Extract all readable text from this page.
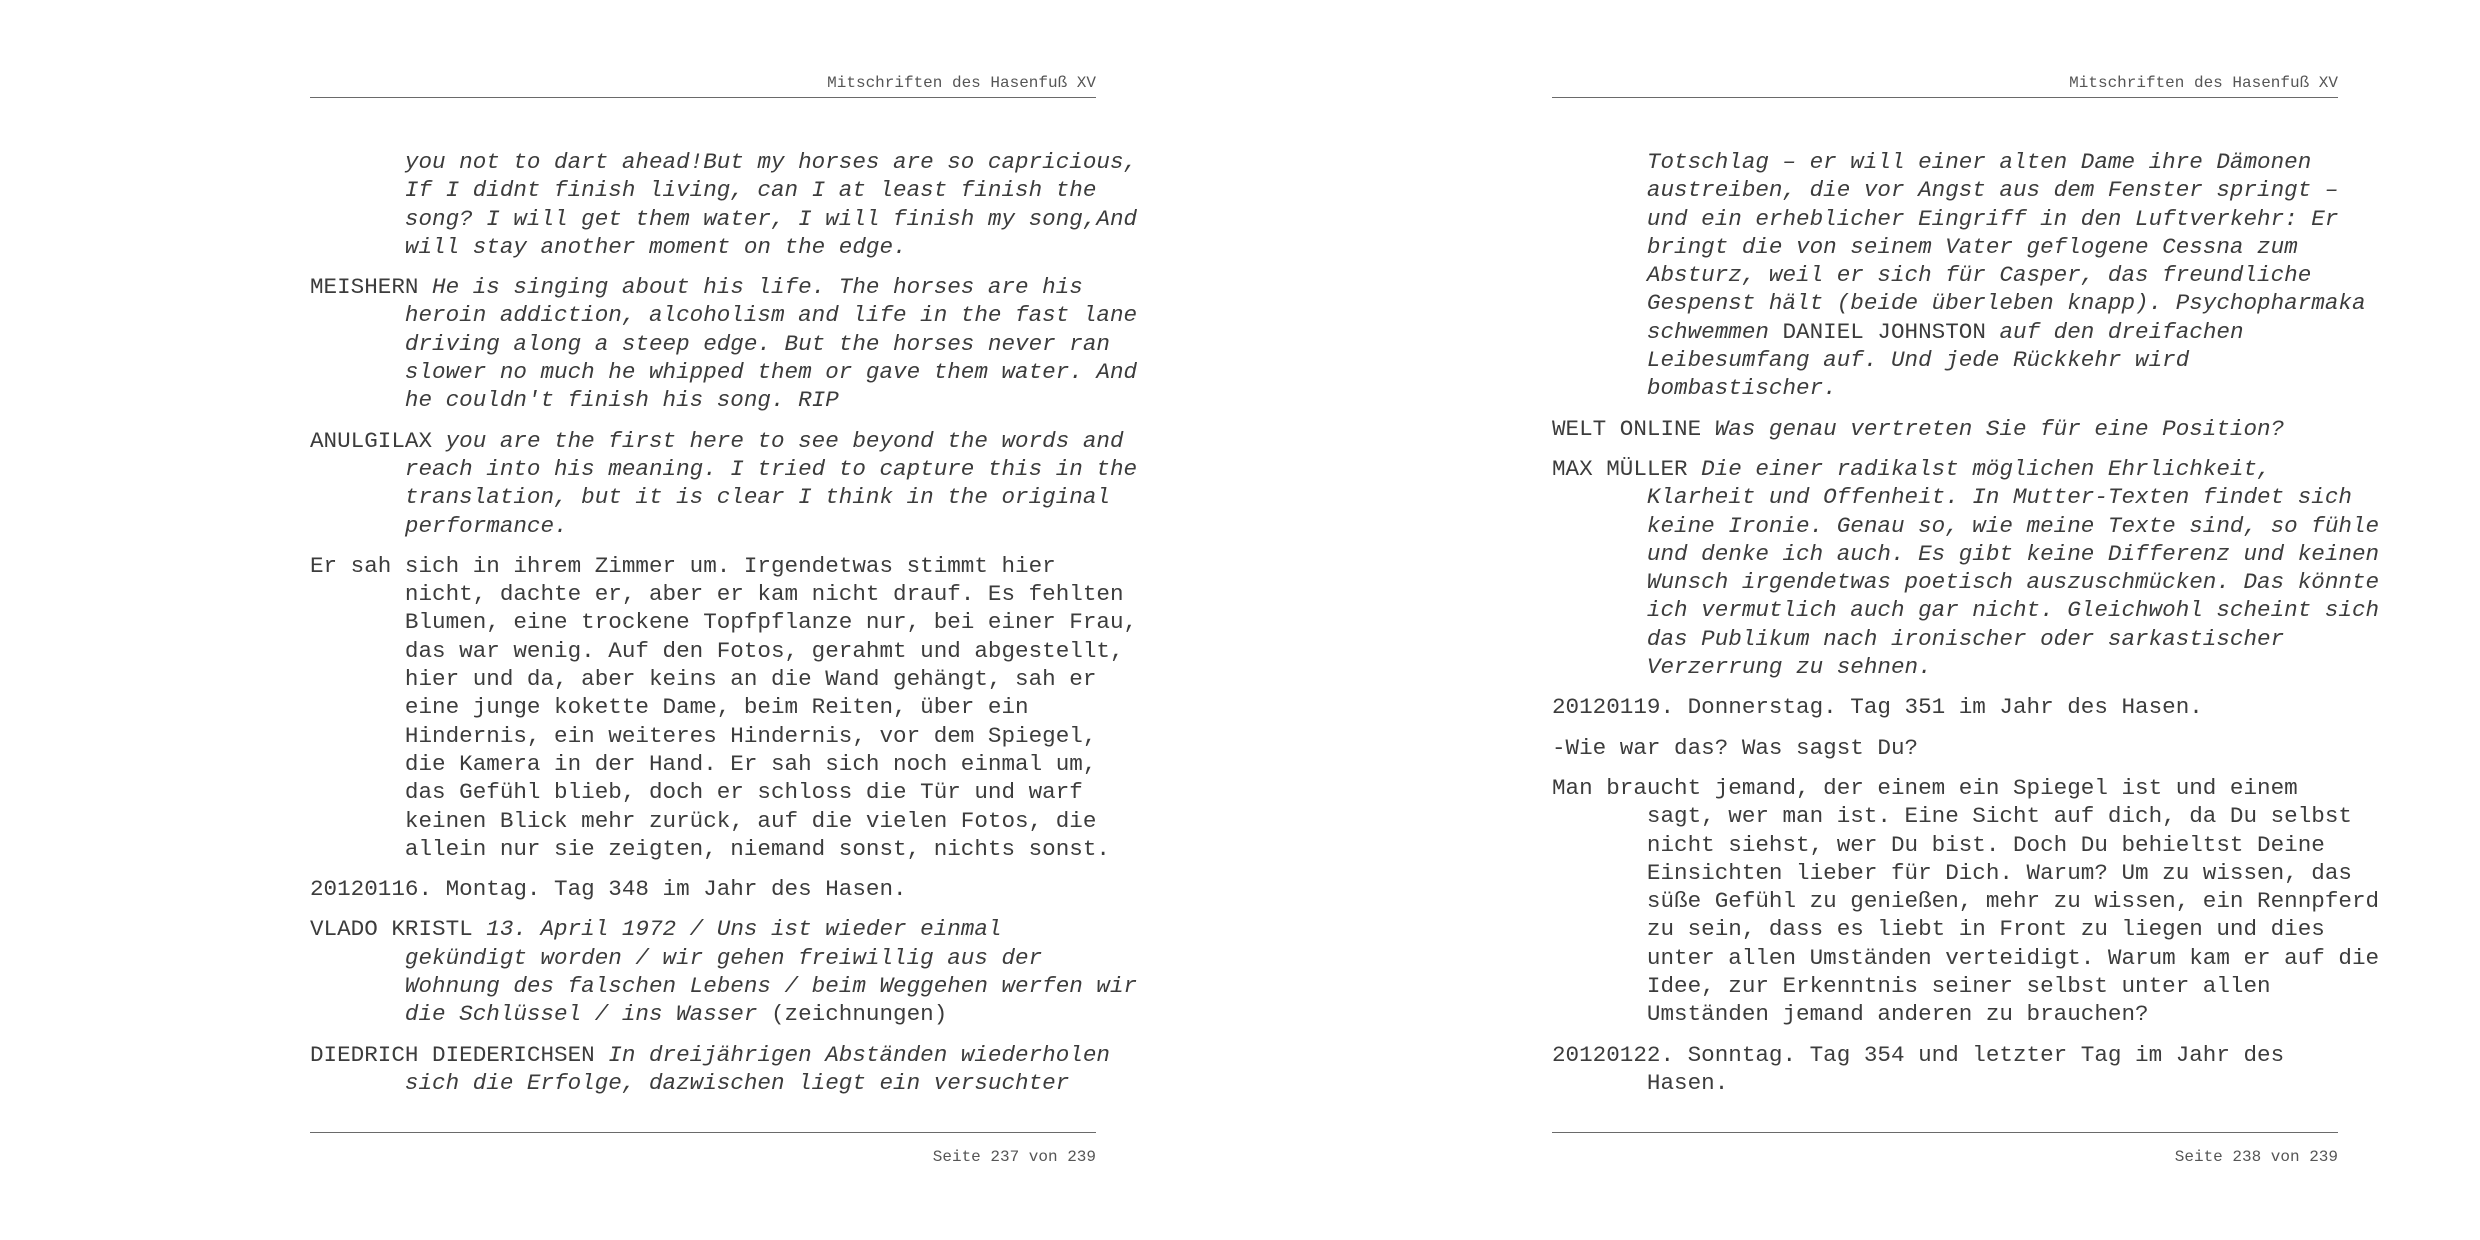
Mitschriften des Hasenfuß XV
you not to dart ahead!But my horses are so capricious,
If I didnt finish living, can I at least finish the
song? I will get them water, I will finish my song,And
will stay another moment on the edge.
MEISHERN He is singing about his life. The horses are his
heroin addiction, alcoholism and life in the fast lane
driving along a steep edge. But the horses never ran
slower no much he whipped them or gave them water. And
he couldn't finish his song. RIP
ANULGILAX you are the first here to see beyond the words and
reach into his meaning. I tried to capture this in the
translation, but it is clear I think in the original
performance.
Er sah sich in ihrem Zimmer um. Irgendetwas stimmt hier
nicht, dachte er, aber er kam nicht drauf. Es fehlten
Blumen, eine trockene Topfpflanze nur, bei einer Frau,
das war wenig. Auf den Fotos, gerahmt und abgestellt,
hier und da, aber keins an die Wand gehängt, sah er
eine junge kokette Dame, beim Reiten, über ein
Hindernis, ein weiteres Hindernis, vor dem Spiegel,
die Kamera in der Hand. Er sah sich noch einmal um,
das Gefühl blieb, doch er schloss die Tür und warf
keinen Blick mehr zurück, auf die vielen Fotos, die
allein nur sie zeigten, niemand sonst, nichts sonst.
20120116. Montag. Tag 348 im Jahr des Hasen.
VLADO KRISTL 13. April 1972 / Uns ist wieder einmal
gekündigt worden / wir gehen freiwillig aus der
Wohnung des falschen Lebens / beim Weggehen werfen wir
die Schlüssel / ins Wasser (zeichnungen)
DIEDRICH DIEDERICHSEN In dreijährigen Abständen wiederholen
sich die Erfolge, dazwischen liegt ein versuchter
Seite 237 von 239
Mitschriften des Hasenfuß XV
Totschlag – er will einer alten Dame ihre Dämonen
austreiben, die vor Angst aus dem Fenster springt –
und ein erheblicher Eingriff in den Luftverkehr: Er
bringt die von seinem Vater geflogene Cessna zum
Absturz, weil er sich für Casper, das freundliche
Gespenst hält (beide überleben knapp). Psychopharmaka
schwemmen DANIEL JOHNSTON auf den dreifachen
Leibesumfang auf. Und jede Rückkehr wird
bombastischer.
WELT ONLINE Was genau vertreten Sie für eine Position?
MAX MÜLLER Die einer radikalst möglichen Ehrlichkeit,
Klarheit und Offenheit. In Mutter-Texten findet sich
keine Ironie. Genau so, wie meine Texte sind, so fühle
und denke ich auch. Es gibt keine Differenz und keinen
Wunsch irgendetwas poetisch auszuschmücken. Das könnte
ich vermutlich auch gar nicht. Gleichwohl scheint sich
das Publikum nach ironischer oder sarkastischer
Verzerrung zu sehnen.
20120119. Donnerstag. Tag 351 im Jahr des Hasen.
-Wie war das? Was sagst Du?
Man braucht jemand, der einem ein Spiegel ist und einem
sagt, wer man ist. Eine Sicht auf dich, da Du selbst
nicht siehst, wer Du bist. Doch Du behieltst Deine
Einsichten lieber für Dich. Warum? Um zu wissen, das
süße Gefühl zu genießen, mehr zu wissen, ein Rennpferd
zu sein, dass es liebt in Front zu liegen und dies
unter allen Umständen verteidigt. Warum kam er auf die
Idee, zur Erkenntnis seiner selbst unter allen
Umständen jemand anderen zu brauchen?
20120122. Sonntag. Tag 354 und letzter Tag im Jahr des
Hasen.
Seite 238 von 239
